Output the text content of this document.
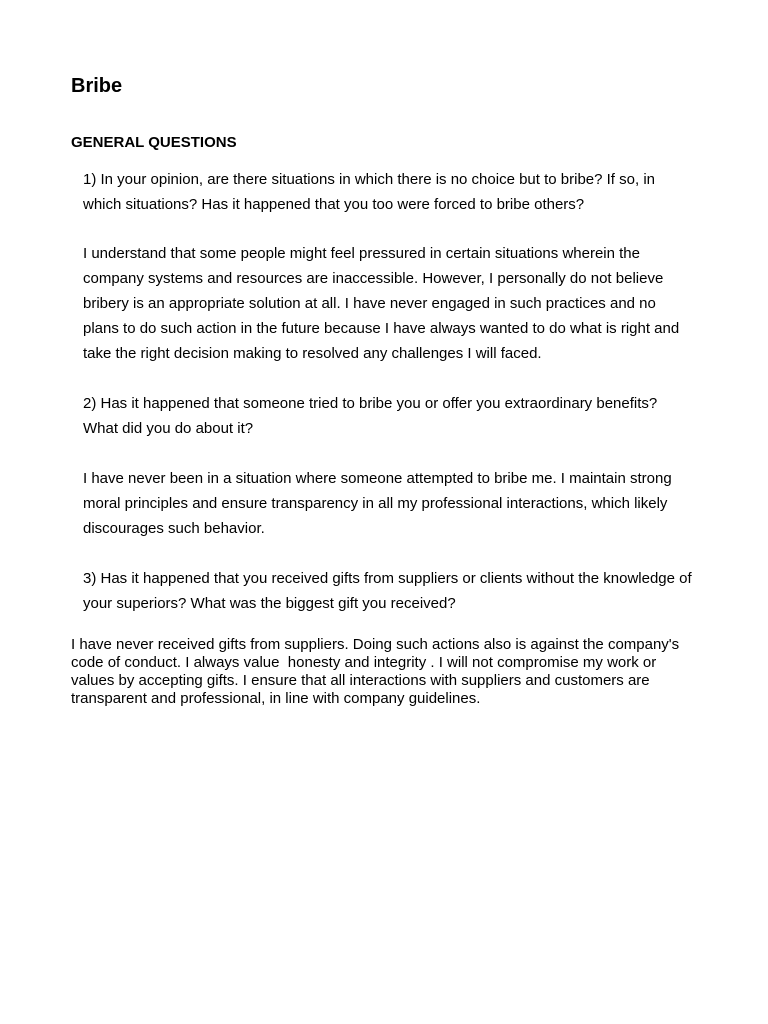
Bribe
GENERAL QUESTIONS

1) In your opinion, are there situations in which there is no choice but to bribe? If so, in which situations? Has it happened that you too were forced to bribe others?

I understand that some people might feel pressured in certain situations wherein the company systems and resources are inaccessible. However, I personally do not believe bribery is an appropriate solution at all. I have never engaged in such practices and no plans to do such action in the future because I have always wanted to do what is right and take the right decision making to resolved any challenges I will faced.

2) Has it happened that someone tried to bribe you or offer you extraordinary benefits? What did you do about it?

I have never been in a situation where someone attempted to bribe me. I maintain strong moral principles and ensure transparency in all my professional interactions, which likely discourages such behavior.

3) Has it happened that you received gifts from suppliers or clients without the knowledge of your superiors? What was the biggest gift you received?

I have never received gifts from suppliers. Doing such actions also is against the company's code of conduct. I always value  honesty and integrity . I will not compromise my work or values by accepting gifts. I ensure that all interactions with suppliers and customers are transparent and professional, in line with company guidelines.
